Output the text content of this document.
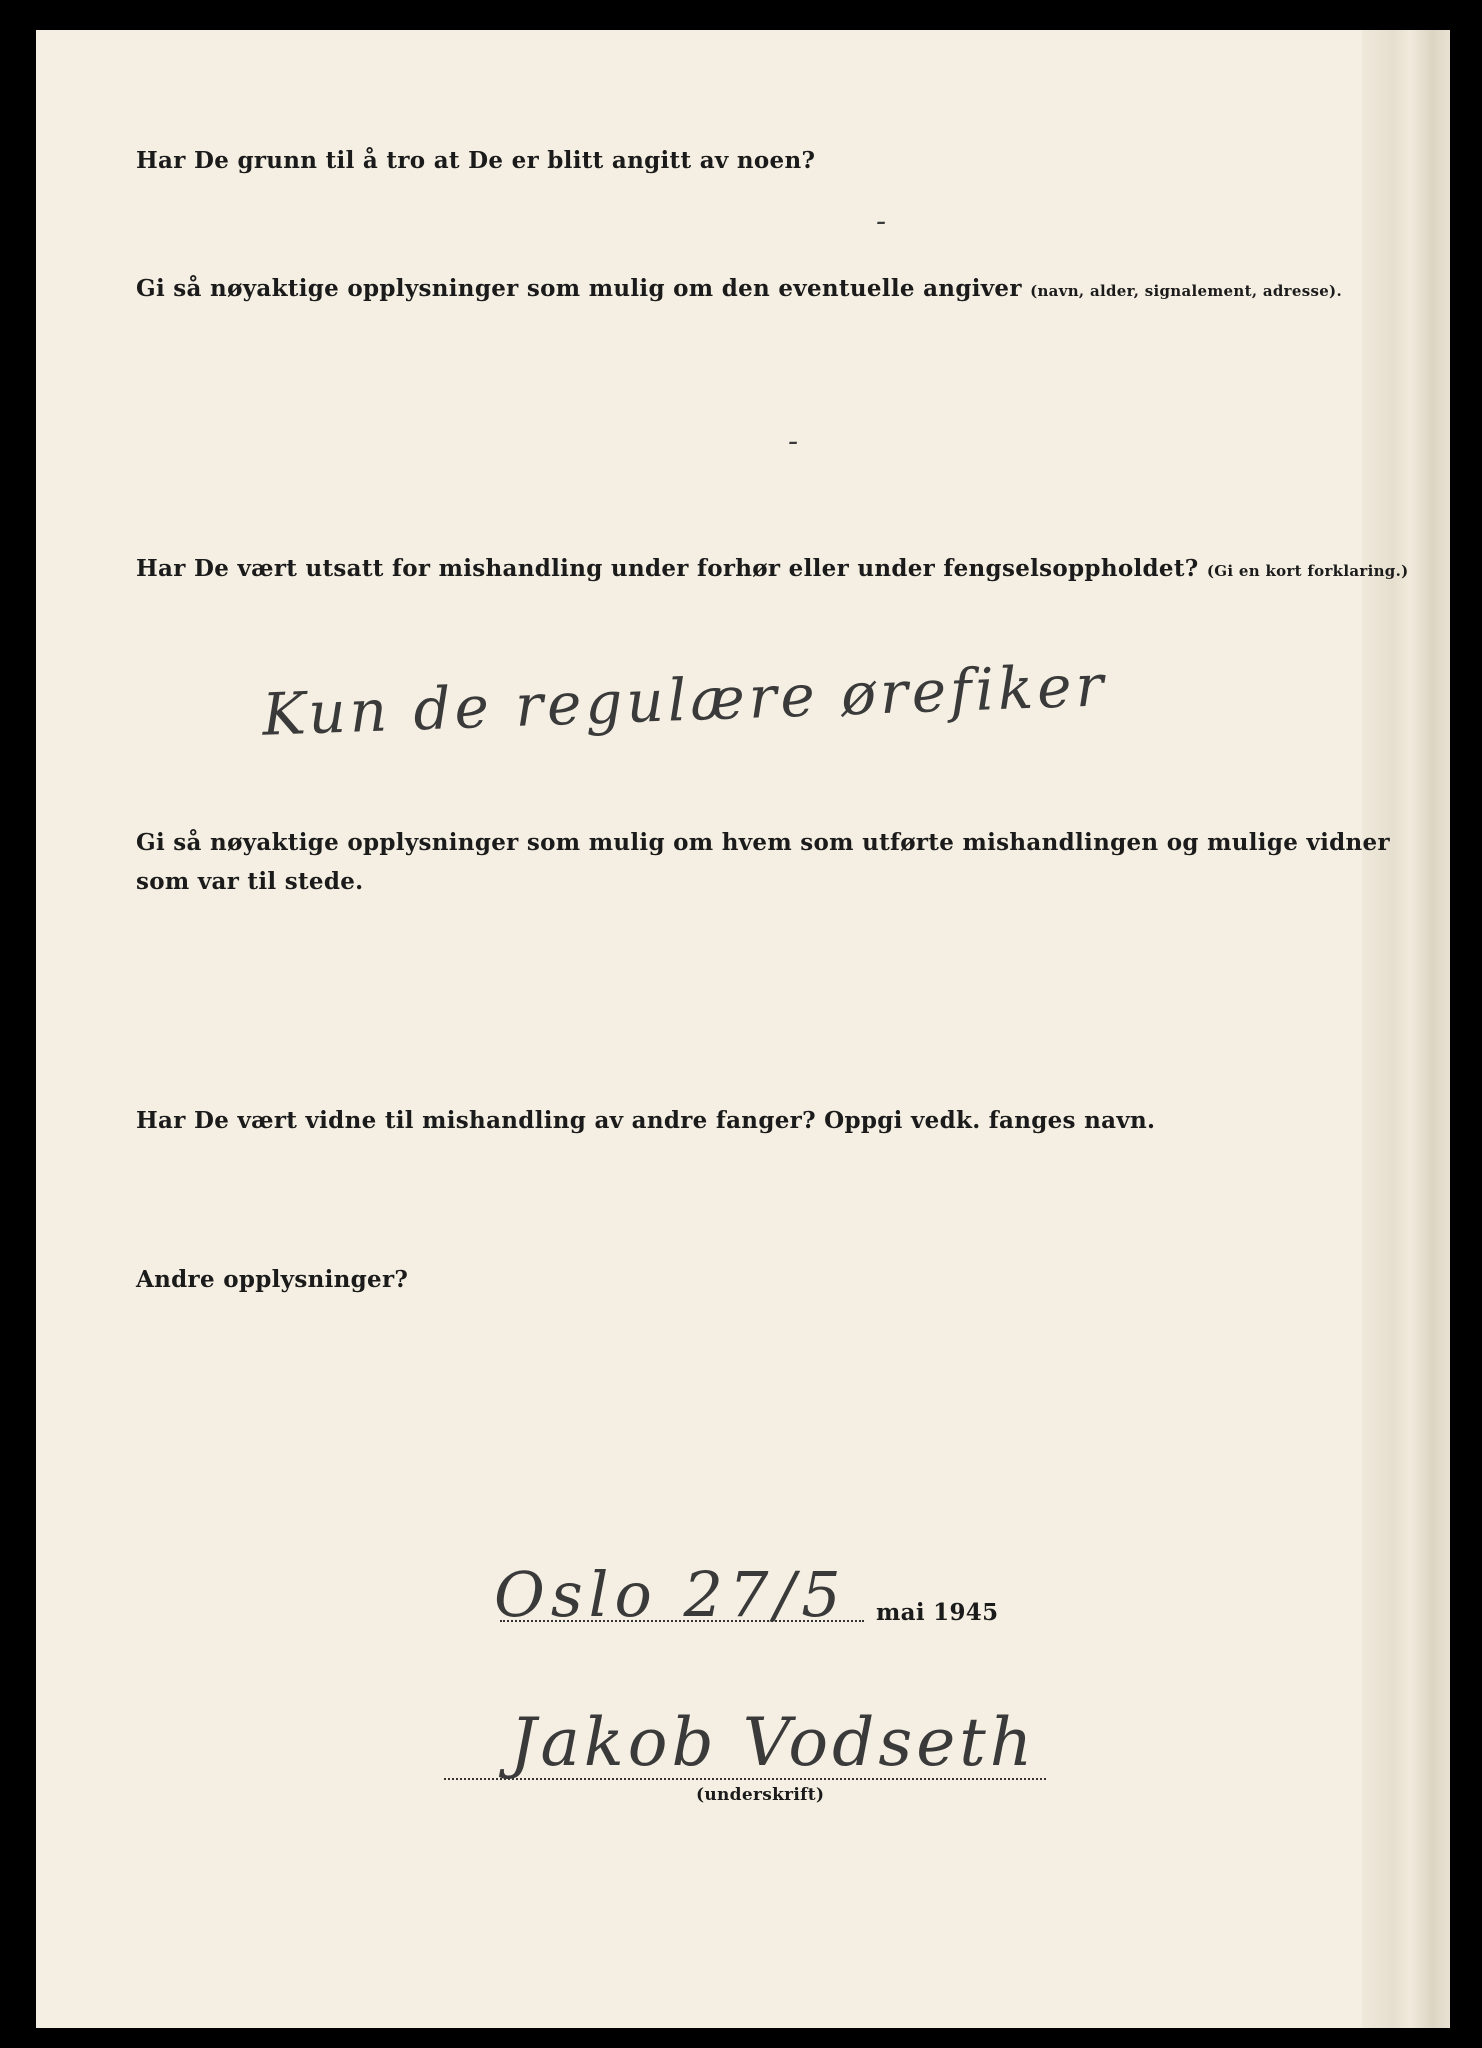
Har De grunn til å tro at De er blitt angitt av noen?
-
Gi så nøyaktige opplysninger som mulig om den eventuelle angiver (navn, alder, signalement, adresse).
-
Har De vært utsatt for mishandling under forhør eller under fengselsoppholdet? (Gi en kort forklaring.)
Kun de regulære ørefiker
Gi så nøyaktige opplysninger som mulig om hvem som utførte mishandlingen og mulige vidner
som var til stede.
Har De vært vidne til mishandling av andre fanger? Oppgi vedk. fanges navn.
Andre opplysninger?
Oslo 27/5 mai 1945
Jakob Vodseth
(underskrift)
